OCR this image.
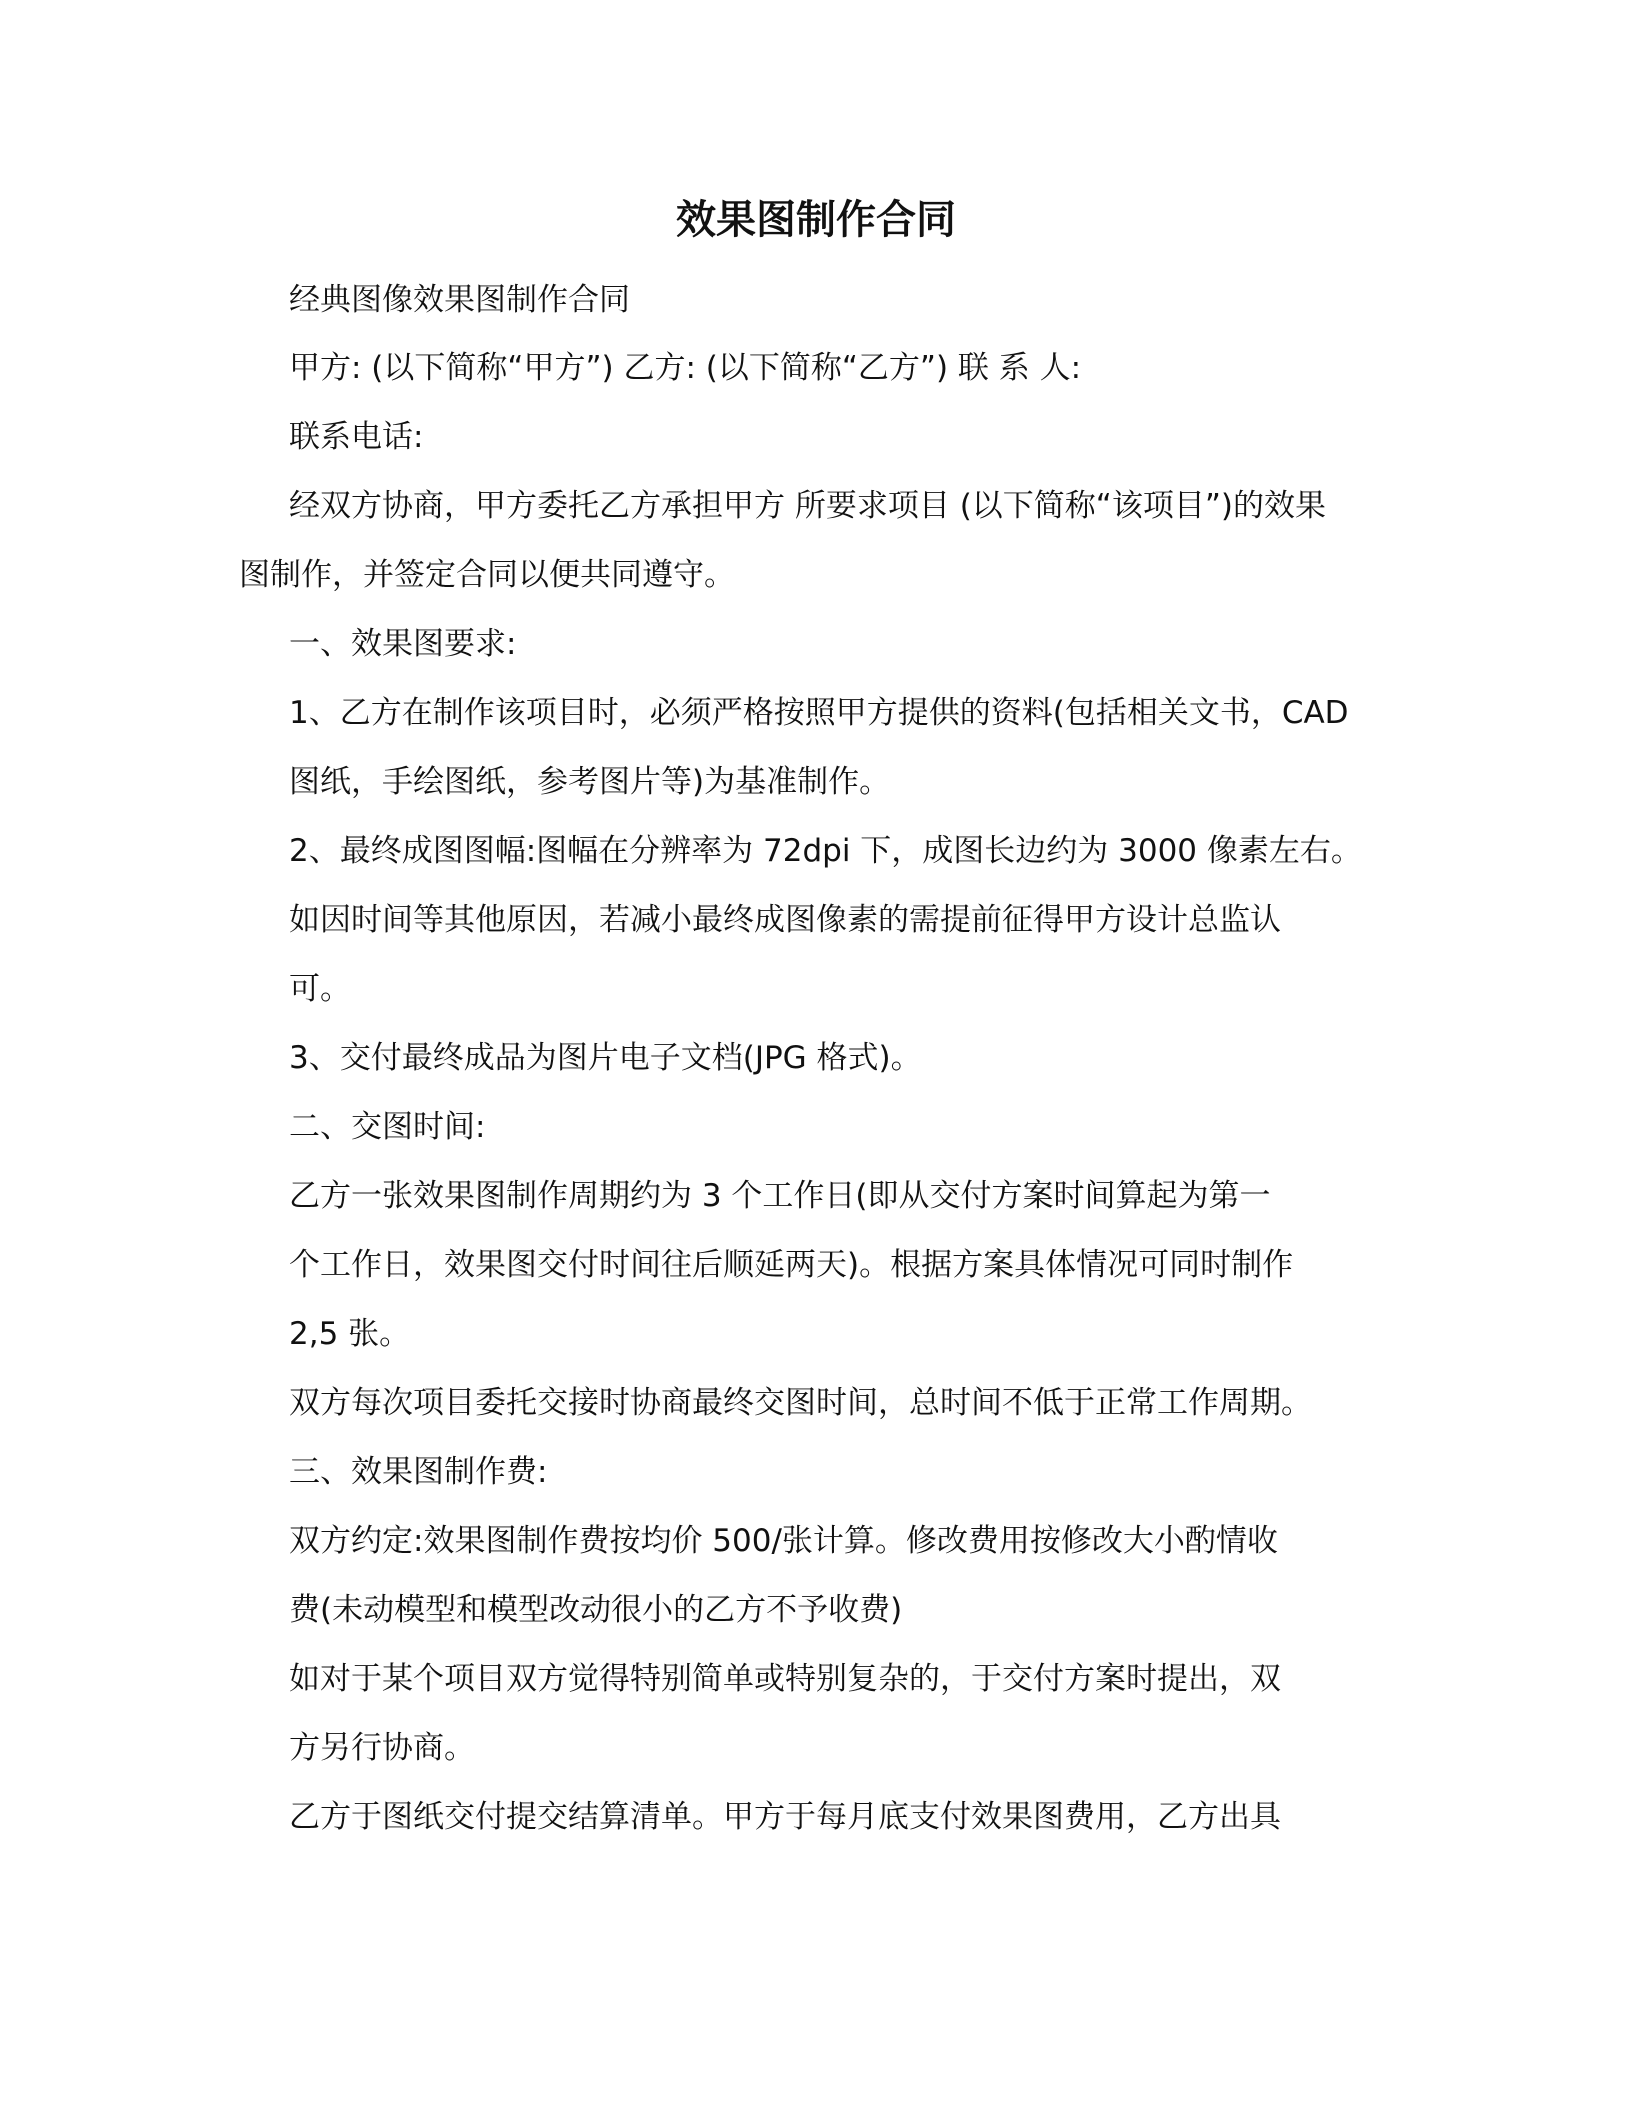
效果图制作合同
经典图像效果图制作合同
甲方: (以下简称“甲方”) 乙方: (以下简称“乙方”) 联 系 人:
联系电话:
经双方协商，甲方委托乙方承担甲方 所要求项目 (以下简称“该项目”)的效果
图制作，并签定合同以便共同遵守。
一、效果图要求:
1、乙方在制作该项目时，必须严格按照甲方提供的资料(包括相关文书，CAD
图纸，手绘图纸，参考图片等)为基准制作。
2、最终成图图幅:图幅在分辨率为 72dpi 下，成图长边约为 3000 像素左右。
如因时间等其他原因，若减小最终成图像素的需提前征得甲方设计总监认
可。
3、交付最终成品为图片电子文档(JPG 格式)。
二、交图时间:
乙方一张效果图制作周期约为 3 个工作日(即从交付方案时间算起为第一
个工作日，效果图交付时间往后顺延两天)。根据方案具体情况可同时制作
2,5 张。
双方每次项目委托交接时协商最终交图时间，总时间不低于正常工作周期。
三、效果图制作费:
双方约定:效果图制作费按均价 500/张计算。修改费用按修改大小酌情收
费(未动模型和模型改动很小的乙方不予收费)
如对于某个项目双方觉得特别简单或特别复杂的，于交付方案时提出，双
方另行协商。
乙方于图纸交付提交结算清单。甲方于每月底支付效果图费用，乙方出具
